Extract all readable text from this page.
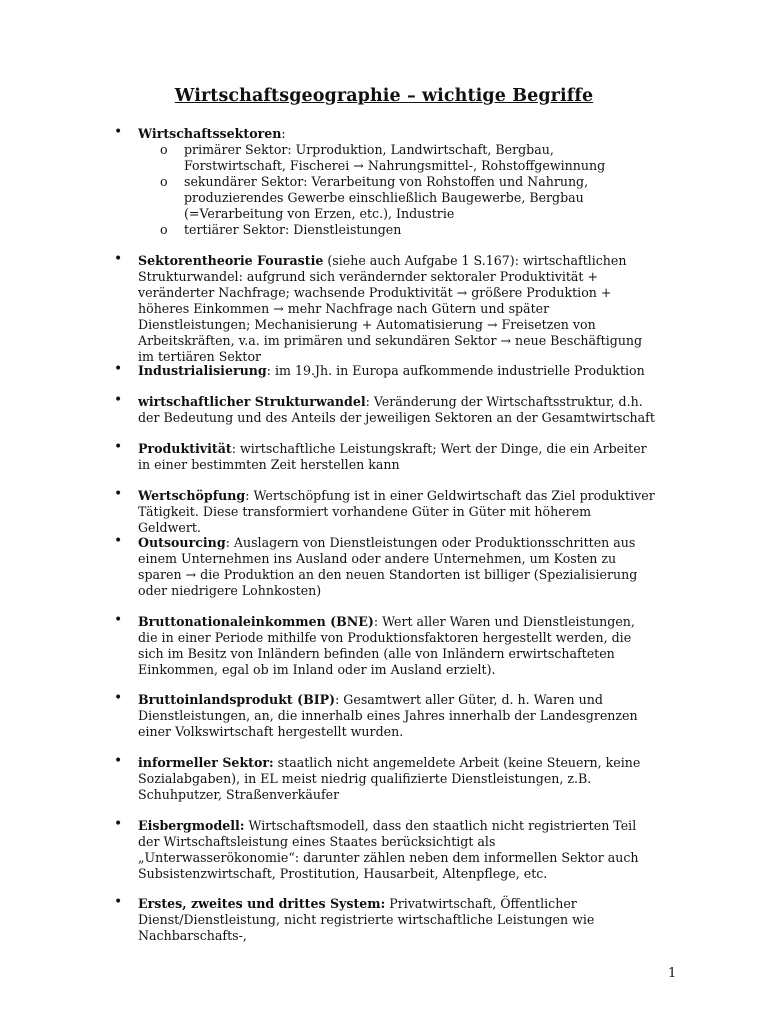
Wirtschaftsgeographie – wichtige Begriffe
• Wirtschaftssektoren:
o primärer Sektor: Urproduktion, Landwirtschaft, Bergbau, Forstwirtschaft, Fischerei → Nahrungsmittel-, Rohstoffgewinnung
o sekundärer Sektor: Verarbeitung von Rohstoffen und Nahrung, produzierendes Gewerbe einschließlich Baugewerbe, Bergbau (=Verarbeitung von Erzen, etc.), Industrie
o tertiärer Sektor: Dienstleistungen
• Sektorentheorie Fourastie (siehe auch Aufgabe 1 S.167): wirtschaftlichen Strukturwandel: aufgrund sich verändernder sektoraler Produktivität + veränderter Nachfrage; wachsende Produktivität → größere Produktion + höheres Einkommen → mehr Nachfrage nach Gütern und später Dienstleistungen; Mechanisierung + Automatisierung → Freisetzen von Arbeitskräften, v.a. im primären und sekundären Sektor → neue Beschäftigung im tertiären Sektor
• Industrialisierung: im 19.Jh. in Europa aufkommende industrielle Produktion
• wirtschaftlicher Strukturwandel: Veränderung der Wirtschaftsstruktur, d.h. der Bedeutung und des Anteils der jeweiligen Sektoren an der Gesamtwirtschaft
• Produktivität: wirtschaftliche Leistungskraft; Wert der Dinge, die ein Arbeiter in einer bestimmten Zeit herstellen kann
• Wertschöpfung: Wertschöpfung ist in einer Geldwirtschaft das Ziel produktiver Tätigkeit. Diese transformiert vorhandene Güter in Güter mit höherem Geldwert.
• Outsourcing: Auslagern von Dienstleistungen oder Produktionsschritten aus einem Unternehmen ins Ausland oder andere Unternehmen, um Kosten zu sparen → die Produktion an den neuen Standorten ist billiger (Spezialisierung oder niedrigere Lohnkosten)
• Bruttonationaleinkommen (BNE): Wert aller Waren und Dienstleistungen, die in einer Periode mithilfe von Produktionsfaktoren hergestellt werden, die sich im Besitz von Inländern befinden (alle von Inländern erwirtschafteten Einkommen, egal ob im Inland oder im Ausland erzielt).
• Bruttoinlandsprodukt (BIP): Gesamtwert aller Güter, d. h. Waren und Dienstleistungen, an, die innerhalb eines Jahres innerhalb der Landesgrenzen einer Volkswirtschaft hergestellt wurden.
• informeller Sektor: staatlich nicht angemeldete Arbeit (keine Steuern, keine Sozialabgaben), in EL meist niedrig qualifizierte Dienstleistungen, z.B. Schuhputzer, Straßenverkäufer
• Eisbergmodell: Wirtschaftsmodell, dass den staatlich nicht registrierten Teil der Wirtschaftsleistung eines Staates berücksichtigt als „Unterwasserökonomie“: darunter zählen neben dem informellen Sektor auch Subsistenzwirtschaft, Prostitution, Hausarbeit, Altenpflege, etc.
• Erstes, zweites und drittes System: Privatwirtschaft, Öffentlicher Dienst/Dienstleistung, nicht registrierte wirtschaftliche Leistungen wie Nachbarschafts-,
1
